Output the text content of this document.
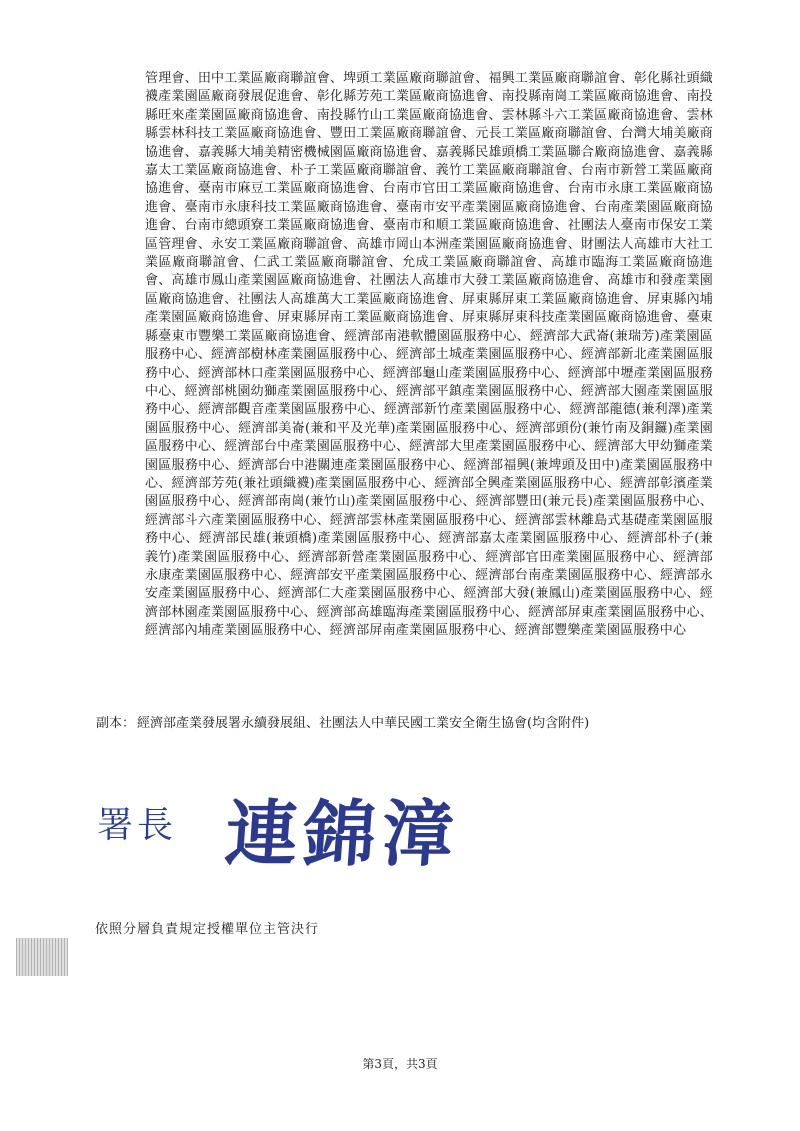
管理會、田中工業區廠商聯誼會、埤頭工業區廠商聯誼會、福興工業區廠商聯誼會、彰化縣社頭織襪產業園區廠商發展促進會、彰化縣芳苑工業區廠商協進會、南投縣南崗工業區廠商協進會、南投縣旺來產業園區廠商協進會、南投縣竹山工業區廠商協進會、雲林縣斗六工業區廠商協進會、雲林縣雲林科技工業區廠商協進會、豐田工業區廠商聯誼會、元長工業區廠商聯誼會、台灣大埔美廠商協進會、嘉義縣大埔美精密機械園區廠商協進會、嘉義縣民雄頭橋工業區聯合廠商協進會、嘉義縣嘉太工業區廠商協進會、朴子工業區廠商聯誼會、義竹工業區廠商聯誼會、台南市新營工業區廠商協進會、臺南市麻豆工業區廠商協進會、台南市官田工業區廠商協進會、台南市永康工業區廠商協進會、臺南市永康科技工業區廠商協進會、臺南市安平產業園區廠商協進會、台南產業園區廠商協進會、台南市總頭寮工業區廠商協進會、臺南市和順工業區廠商協進會、社團法人臺南市保安工業區管理會、永安工業區廠商聯誼會、高雄市岡山本洲產業園區廠商協進會、財團法人高雄市大社工業區廠商聯誼會、仁武工業區廠商聯誼會、允成工業區廠商聯誼會、高雄市臨海工業區廠商協進會、高雄市鳳山產業園區廠商協進會、社團法人高雄市大發工業區廠商協進會、高雄市和發產業園區廠商協進會、社團法人高雄萬大工業區廠商協進會、屏東縣屏東工業區廠商協進會、屏東縣內埔產業園區廠商協進會、屏東縣屏南工業區廠商協進會、屏東縣屏東科技產業園區廠商協進會、臺東縣臺東市豐樂工業區廠商協進會、經濟部南港軟體園區服務中心、經濟部大武崙(兼瑞芳)產業園區服務中心、經濟部樹林產業園區服務中心、經濟部土城產業園區服務中心、經濟部新北產業園區服務中心、經濟部林口產業園區服務中心、經濟部龜山產業園區服務中心、經濟部中壢產業園區服務中心、經濟部桃園幼獅產業園區服務中心、經濟部平鎮產業園區服務中心、經濟部大園產業園區服務中心、經濟部觀音產業園區服務中心、經濟部新竹產業園區服務中心、經濟部龍德(兼利澤)產業園區服務中心、經濟部美崙(兼和平及光華)產業園區服務中心、經濟部頭份(兼竹南及銅鑼)產業園區服務中心、經濟部台中產業園區服務中心、經濟部大里產業園區服務中心、經濟部大甲幼獅產業園區服務中心、經濟部台中港關連產業園區服務中心、經濟部福興(兼埤頭及田中)產業園區服務中心、經濟部芳苑(兼社頭織襪)產業園區服務中心、經濟部全興產業園區服務中心、經濟部彰濱產業園區服務中心、經濟部南崗(兼竹山)產業園區服務中心、經濟部豐田(兼元長)產業園區服務中心、經濟部斗六產業園區服務中心、經濟部雲林產業園區服務中心、經濟部雲林離島式基礎產業園區服務中心、經濟部民雄(兼頭橋)產業園區服務中心、經濟部嘉太產業園區服務中心、經濟部朴子(兼義竹)產業園區服務中心、經濟部新營產業園區服務中心、經濟部官田產業園區服務中心、經濟部永康產業園區服務中心、經濟部安平產業園區服務中心、經濟部台南產業園區服務中心、經濟部永安產業園區服務中心、經濟部仁大產業園區服務中心、經濟部大發(兼鳳山)產業園區服務中心、經濟部林園產業園區服務中心、經濟部高雄臨海產業園區服務中心、經濟部屏東產業園區服務中心、經濟部內埔產業園區服務中心、經濟部屏南產業園區服務中心、經濟部豐樂產業園區服務中心
副本： 經濟部產業發展署永續發展組、社團法人中華民國工業安全衛生協會(均含附件)
署長 連錦漳
依照分層負責規定授權單位主管決行
第3頁，共3頁
